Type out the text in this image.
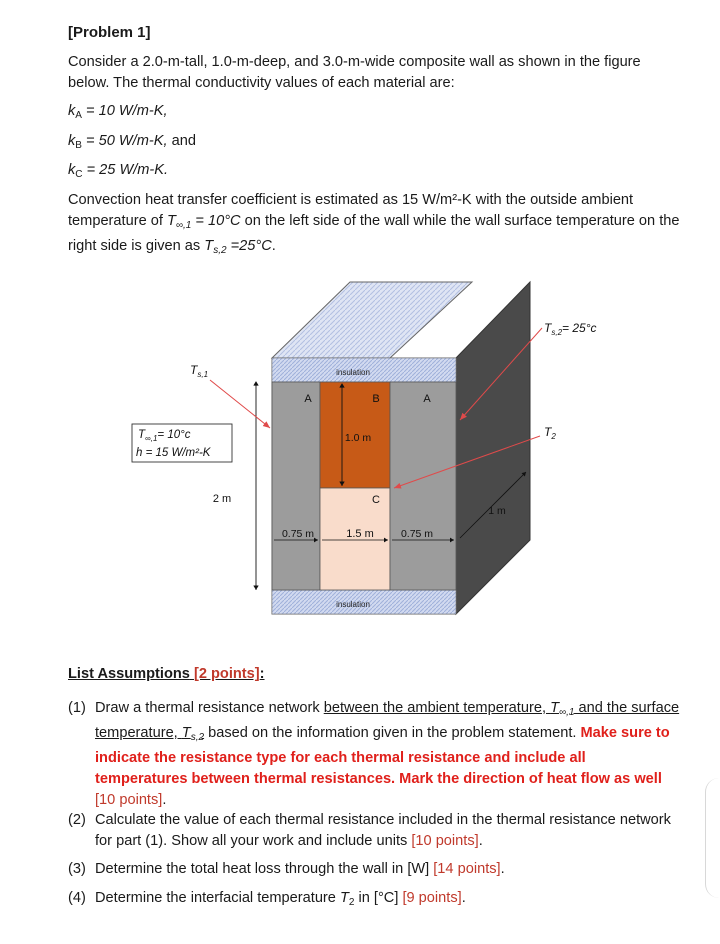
[Problem 1]
Consider a 2.0-m-tall, 1.0-m-deep, and 3.0-m-wide composite wall as shown in the figure below. The thermal conductivity values of each material are:
$k_A = 10$ W/m-K,
$k_B = 50$ W/m-K, and
$k_C = 25$ W/m-K.
Convection heat transfer coefficient is estimated as 15 W/m²-K with the outside ambient temperature of $T_{\infty,1} = 10^\circ C$ on the left side of the wall while the wall surface temperature on the right side is given as $T_{s,2} =25^\circ C$.
insulation
insulation
A	B	A
C
1.0 m
0.75 m	1.5 m	0.75 m
2 m
1 m
$T_{s,1}$
$T_{\infty,1}= 10^\circ c$
h = 15 W/m²-K
$T_{s,2}= 25^\circ c$
$T_2$
List Assumptions [2 points]:
(1) Draw a thermal resistance network between the ambient temperature, $T_{\infty,1}$ and the surface temperature, $T_{s,2}$ based on the information given in the problem statement. Make sure to indicate the resistance type for each thermal resistance and include all temperatures between thermal resistances. Mark the direction of heat flow as well [10 points].
(2) Calculate the value of each thermal resistance included in the thermal resistance network for part (1). Show all your work and include units [10 points].
(3) Determine the total heat loss through the wall in [W] [14 points].
(4) Determine the interfacial temperature $T_2$ in [°C] [9 points].
